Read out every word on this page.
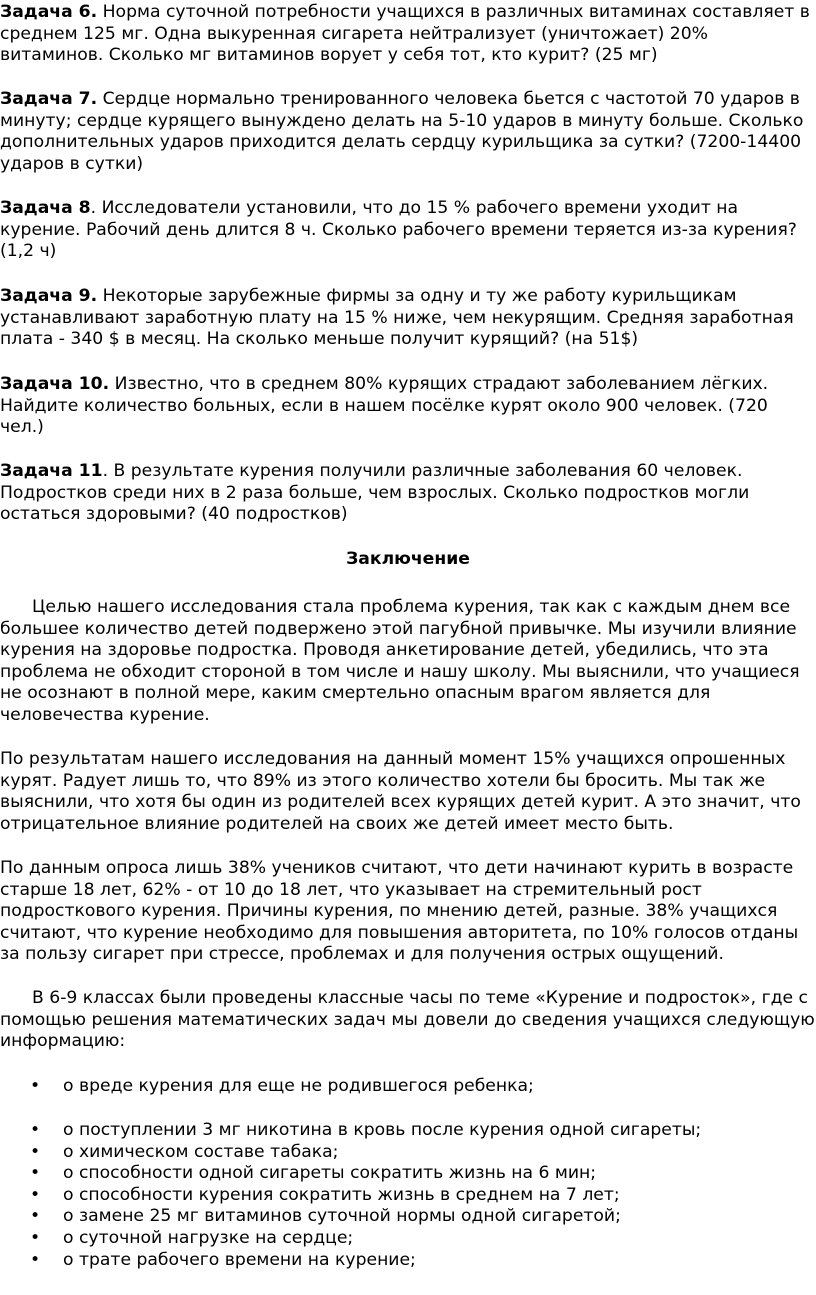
Задача 6. Норма суточной потребности учащихся в различных витаминах составляет в среднем 125 мг. Одна выкуренная сигарета нейтрализует (уничтожает) 20% витаминов. Сколько мг витаминов ворует у себя тот, кто курит? (25 мг)

Задача 7. Сердце нормально тренированного человека бьется с частотой 70 ударов в минуту; сердце курящего вынуждено делать на 5-10 ударов в минуту больше. Сколько дополнительных ударов приходится делать сердцу курильщика за сутки? (7200-14400 ударов в сутки)

Задача 8. Исследователи установили, что до 15 % рабочего времени уходит на курение. Рабочий день длится 8 ч. Сколько рабочего времени теряется из-за курения? (1,2 ч)

Задача 9. Некоторые зарубежные фирмы за одну и ту же работу курильщикам устанавливают заработную плату на 15 % ниже, чем некурящим. Средняя заработная плата - 340 $ в месяц. На сколько меньше получит курящий? (на 51$)

Задача 10. Известно, что в среднем 80% курящих страдают заболеванием лёгких. Найдите количество больных, если в нашем посёлке курят около 900 человек. (720 чел.)

Задача 11. В результате курения получили различные заболевания 60 человек. Подростков среди них в 2 раза больше, чем взрослых. Сколько подростков могли остаться здоровыми? (40 подростков)

Заключение

Целью нашего исследования стала проблема курения, так как с каждым днем все большее количество детей подвержено этой пагубной привычке. Мы изучили влияние курения на здоровье подростка. Проводя анкетирование детей, убедились, что эта проблема не обходит стороной в том числе и нашу школу. Мы выяснили, что учащиеся не осознают в полной мере, каким смертельно опасным врагом является для человечества курение.

По результатам нашего исследования на данный момент 15% учащихся опрошенных курят. Радует лишь то, что 89% из этого количество хотели бы бросить. Мы так же выяснили, что хотя бы один из родителей всех курящих детей курит. А это значит, что отрицательное влияние родителей на своих же детей имеет место быть.

По данным опроса лишь 38% учеников считают, что дети начинают курить в возрасте старше 18 лет, 62% - от 10 до 18 лет, что указывает на стремительный рост подросткового курения. Причины курения, по мнению детей, разные. 38% учащихся считают, что курение необходимо для повышения авторитета, по 10% голосов отданы за пользу сигарет при стрессе, проблемах и для получения острых ощущений.

В 6-9 классах были проведены классные часы по теме «Курение и подросток», где с помощью решения математических задач мы довели до сведения учащихся следующую информацию:

• о вреде курения для еще не родившегося ребенка;
• о поступлении 3 мг никотина в кровь после курения одной сигареты;
• о химическом составе табака;
• о способности одной сигареты сократить жизнь на 6 мин;
• о способности курения сократить жизнь в среднем на 7 лет;
• о замене 25 мг витаминов суточной нормы одной сигаретой;
• о суточной нагрузке на сердце;
• о трате рабочего времени на курение;
